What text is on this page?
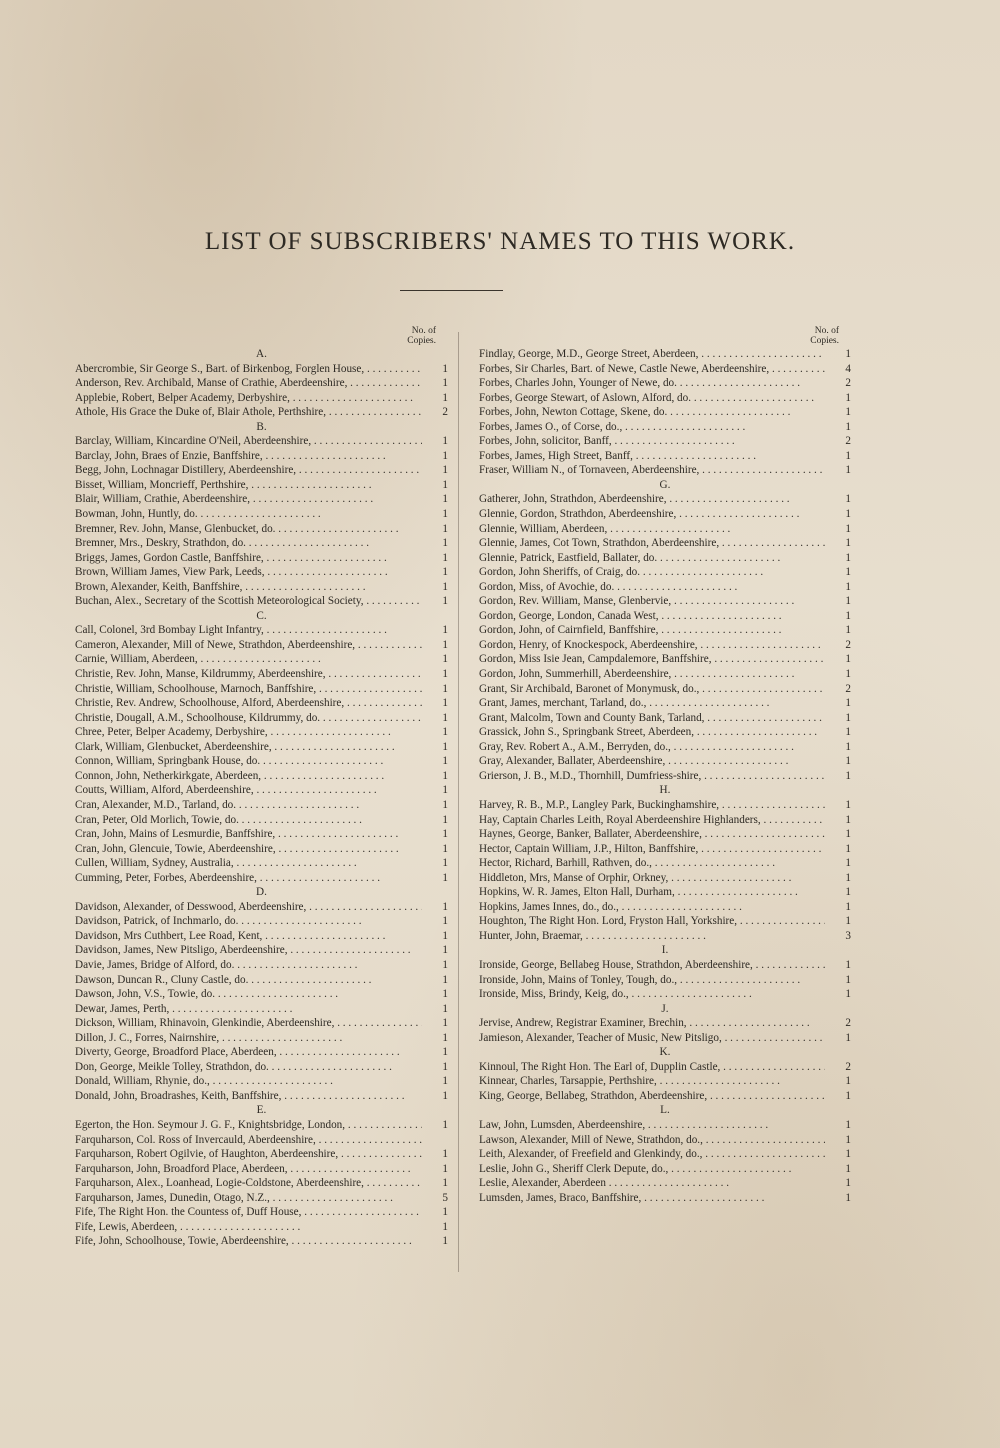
LIST OF SUBSCRIBERS' NAMES TO THIS WORK.
No. of
Copies.
A.
Abercrombie, Sir George S., Bart. of Birkenbog, Forglen House, . .	1
Anderson, Rev. Archibald, Manse of Crathie, Aberdeenshire, . .	1
Applebie, Robert, Belper Academy, Derbyshire, . .	1
Athole, His Grace the Duke of, Blair Athole, Perthshire, . .	2
B.
Barclay, William, Kincardine O'Neil, Aberdeenshire, . .	1
Barclay, John, Braes of Enzie, Banffshire, . .	1
Begg, John, Lochnagar Distillery, Aberdeenshire, . .	1
Bisset, William, Moncrieff, Perthshire, . .	1
Blair, William, Crathie, Aberdeenshire, . .	1
Bowman, John, Huntly, do. . .	1
Bremner, Rev. John, Manse, Glenbucket, do. . .	1
Bremner, Mrs., Deskry, Strathdon, do. . .	1
Briggs, James, Gordon Castle, Banffshire, . .	1
Brown, William James, View Park, Leeds, . .	1
Brown, Alexander, Keith, Banffshire, . .	1
Buchan, Alex., Secretary of the Scottish Meteorological Society, . .	1
C.
Call, Colonel, 3rd Bombay Light Infantry, . .	1
Cameron, Alexander, Mill of Newe, Strathdon, Aberdeenshire, . .	1
Carnie, William, Aberdeen, . .	1
Christie, Rev. John, Manse, Kildrummy, Aberdeenshire, . .	1
Christie, William, Schoolhouse, Marnoch, Banffshire, . .	1
Christie, Rev. Andrew, Schoolhouse, Alford, Aberdeenshire, . .	1
Christie, Dougall, A.M., Schoolhouse, Kildrummy, do. . .	1
Chree, Peter, Belper Academy, Derbyshire, . .	1
Clark, William, Glenbucket, Aberdeenshire, . .	1
Connon, William, Springbank House, do. . .	1
Connon, John, Netherkirkgate, Aberdeen, . .	1
Coutts, William, Alford, Aberdeenshire, . .	1
Cran, Alexander, M.D., Tarland, do. . .	1
Cran, Peter, Old Morlich, Towie, do. . .	1
Cran, John, Mains of Lesmurdie, Banffshire, . .	1
Cran, John, Glencuie, Towie, Aberdeenshire, . .	1
Cullen, William, Sydney, Australia, . .	1
Cumming, Peter, Forbes, Aberdeenshire, . .	1
D.
Davidson, Alexander, of Desswood, Aberdeenshire, . .	1
Davidson, Patrick, of Inchmarlo, do. . .	1
Davidson, Mrs Cuthbert, Lee Road, Kent, . .	1
Davidson, James, New Pitsligo, Aberdeenshire, . .	1
Davie, James, Bridge of Alford, do. . .	1
Dawson, Duncan R., Cluny Castle, do. . .	1
Dawson, John, V.S., Towie, do. . .	1
Dewar, James, Perth, . .	1
Dickson, William, Rhinavoin, Glenkindie, Aberdeenshire, . .	1
Dillon, J. C., Forres, Nairnshire, . .	1
Diverty, George, Broadford Place, Aberdeen, . .	1
Don, George, Meikle Tolley, Strathdon, do. . .	1
Donald, William, Rhynie, do., . .	1
Donald, John, Broadrashes, Keith, Banffshire, . .	1
E.
Egerton, the Hon. Seymour J. G. F., Knightsbridge, London, . .	1
Farquharson, Col. Ross of Invercauld, Aberdeenshire, . .
Farquharson, Robert Ogilvie, of Haughton, Aberdeenshire, . .	1
Farquharson, John, Broadford Place, Aberdeen, . .	1
Farquharson, Alex., Loanhead, Logie-Coldstone, Aberdeenshire, . .	1
Farquharson, James, Dunedin, Otago, N.Z., . .	5
Fife, The Right Hon. the Countess of, Duff House, . .	1
Fife, Lewis, Aberdeen, . .	1
Fife, John, Schoolhouse, Towie, Aberdeenshire, . .	1
No. of
Copies.
Findlay, George, M.D., George Street, Aberdeen, . .	1
Forbes, Sir Charles, Bart. of Newe, Castle Newe, Aberdeenshire, . .	4
Forbes, Charles John, Younger of Newe, do. . .	2
Forbes, George Stewart, of Aslown, Alford, do. . .	1
Forbes, John, Newton Cottage, Skene, do. . .	1
Forbes, James O., of Corse, do., . .	1
Forbes, John, solicitor, Banff, . .	2
Forbes, James, High Street, Banff, . .	1
Fraser, William N., of Tornaveen, Aberdeenshire, . .	1
G.
Gatherer, John, Strathdon, Aberdeenshire, . .	1
Glennie, Gordon, Strathdon, Aberdeenshire, . .	1
Glennie, William, Aberdeen, . .	1
Glennie, James, Cot Town, Strathdon, Aberdeenshire, . .	1
Glennie, Patrick, Eastfield, Ballater, do. . .	1
Gordon, John Sheriffs, of Craig, do. . .	1
Gordon, Miss, of Avochie, do. . .	1
Gordon, Rev. William, Manse, Glenbervie, . .	1
Gordon, George, London, Canada West, . .	1
Gordon, John, of Cairnfield, Banffshire, . .	1
Gordon, Henry, of Knockespock, Aberdeenshire, . .	2
Gordon, Miss Isie Jean, Campdalemore, Banffshire, . .	1
Gordon, John, Summerhill, Aberdeenshire, . .	1
Grant, Sir Archibald, Baronet of Monymusk, do., . .	2
Grant, James, merchant, Tarland, do., . .	1
Grant, Malcolm, Town and County Bank, Tarland, . .	1
Grassick, John S., Springbank Street, Aberdeen, . .	1
Gray, Rev. Robert A., A.M., Berryden, do., . .	1
Gray, Alexander, Ballater, Aberdeenshire, . .	1
Grierson, J. B., M.D., Thornhill, Dumfriess-shire, . .	1
H.
Harvey, R. B., M.P., Langley Park, Buckinghamshire, . .	1
Hay, Captain Charles Leith, Royal Aberdeenshire Highlanders, . .	1
Haynes, George, Banker, Ballater, Aberdeenshire, . .	1
Hector, Captain William, J.P., Hilton, Banffshire, . .	1
Hector, Richard, Barhill, Rathven, do., . .	1
Hiddleton, Mrs, Manse of Orphir, Orkney, . .	1
Hopkins, W. R. James, Elton Hall, Durham, . .	1
Hopkins, James Innes, do., do., . .	1
Houghton, The Right Hon. Lord, Fryston Hall, Yorkshire, . .	1
Hunter, John, Braemar, . .	3
I.
Ironside, George, Bellabeg House, Strathdon, Aberdeenshire, . .	1
Ironside, John, Mains of Tonley, Tough, do., . .	1
Ironside, Miss, Brindy, Keig, do., . .	1
J.
Jervise, Andrew, Registrar Examiner, Brechin, . .	2
Jamieson, Alexander, Teacher of Music, New Pitsligo, . .	1
K.
Kinnoul, The Right Hon. The Earl of, Dupplin Castle, . .	2
Kinnear, Charles, Tarsappie, Perthshire, . .	1
King, George, Bellabeg, Strathdon, Aberdeenshire, . .	1
L.
Law, John, Lumsden, Aberdeenshire, . .	1
Lawson, Alexander, Mill of Newe, Strathdon, do., . .	1
Leith, Alexander, of Freefield and Glenkindy, do., . .	1
Leslie, John G., Sheriff Clerk Depute, do., . .	1
Leslie, Alexander, Aberdeen . .	1
Lumsden, James, Braco, Banffshire, . .	1
